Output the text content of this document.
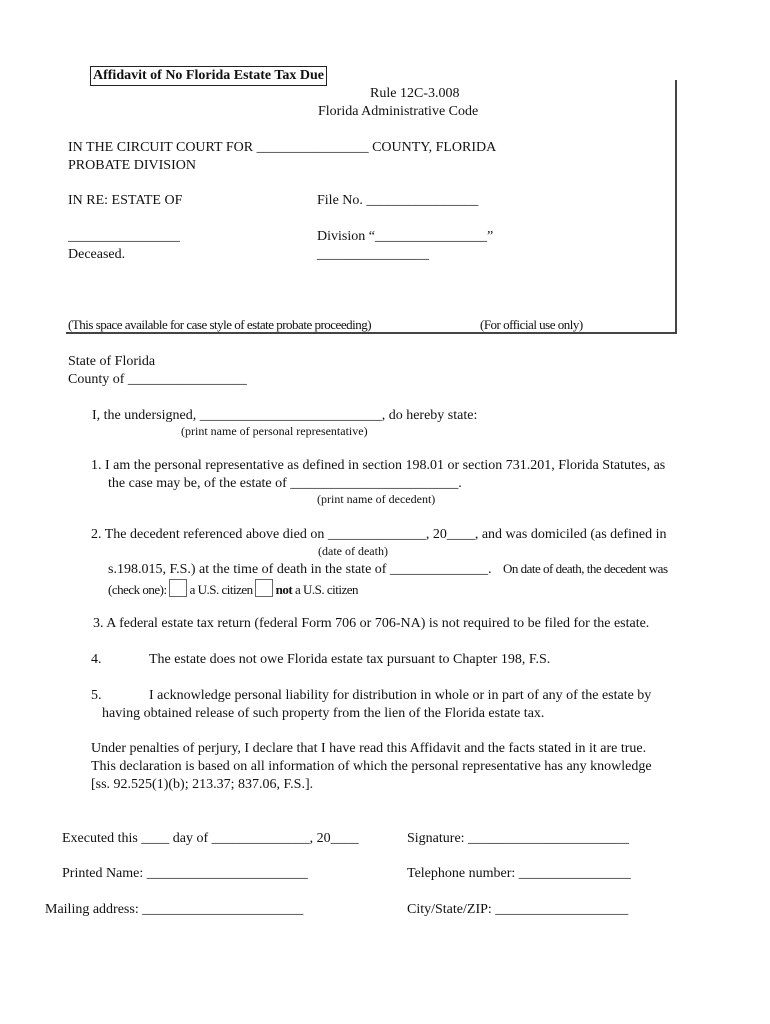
Affidavit of No Florida Estate Tax Due
Rule 12C-3.008
Florida Administrative Code
IN THE CIRCUIT COURT FOR ________________ COUNTY, FLORIDA
PROBATE DIVISION
IN RE: ESTATE OF	File No. ________________
________________	Division “________________”
Deceased.	________________
(This space available for case style of estate probate proceeding)	(For official use only)
State of Florida
County of _________________
I, the undersigned, __________________________, do hereby state:
(print name of personal representative)
1. I am the personal representative as defined in section 198.01 or section 731.201, Florida Statutes, as
the case may be, of the estate of ________________________.
(print name of decedent)
2. The decedent referenced above died on ______________, 20____, and was domiciled (as defined in
(date of death)
s.198.015, F.S.) at the time of death in the state of ______________. On date of death, the decedent was
(check one): a U.S. citizen not a U.S. citizen
3. A federal estate tax return (federal Form 706 or 706-NA) is not required to be filed for the estate.
4.	The estate does not owe Florida estate tax pursuant to Chapter 198, F.S.
5.	I acknowledge personal liability for distribution in whole or in part of any of the estate by
having obtained release of such property from the lien of the Florida estate tax.
Under penalties of perjury, I declare that I have read this Affidavit and the facts stated in it are true.
This declaration is based on all information of which the personal representative has any knowledge
[ss. 92.525(1)(b); 213.37; 837.06, F.S.].
Executed this ____ day of ______________, 20____	Signature: _______________________
Printed Name: _______________________	Telephone number: ________________
Mailing address: _______________________	City/State/ZIP: ___________________
